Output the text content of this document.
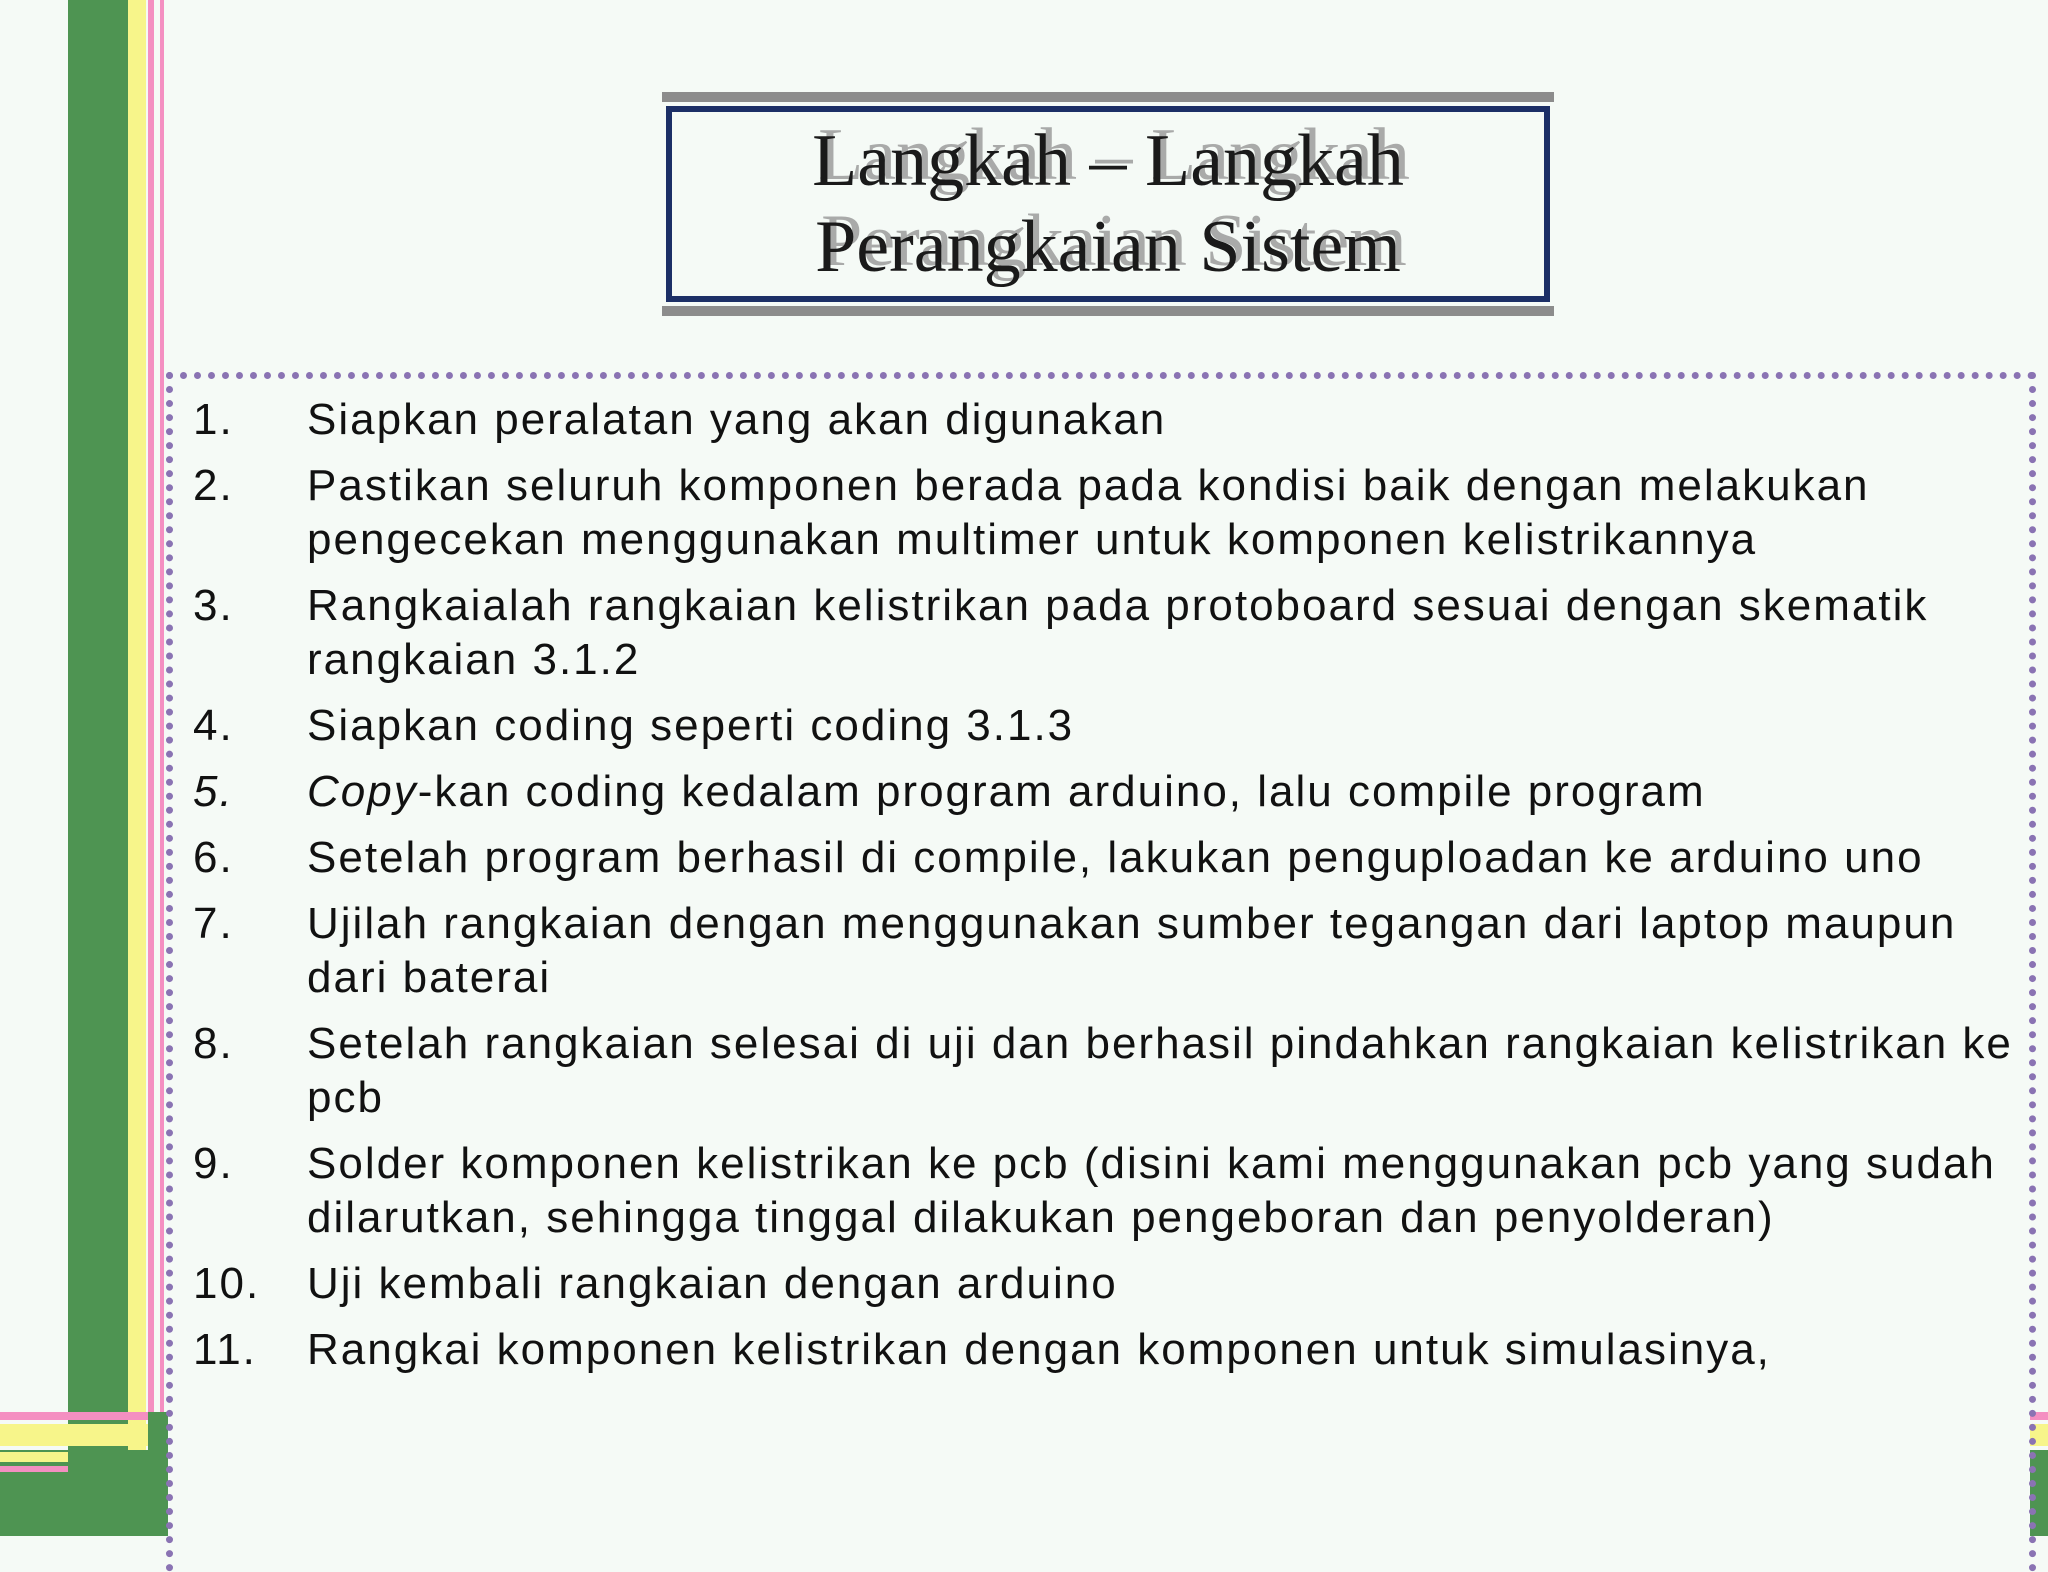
Langkah – Langkah
Perangkaian Sistem
1.	Siapkan peralatan yang akan digunakan
2.	Pastikan seluruh komponen berada pada kondisi baik dengan melakukan pengecekan menggunakan multimer untuk komponen kelistrikannya
3.	Rangkaialah rangkaian kelistrikan pada protoboard sesuai dengan skematik rangkaian 3.1.2
4.	Siapkan coding seperti coding 3.1.3
5.	Copy-kan coding kedalam program arduino, lalu compile program
6.	Setelah program berhasil di compile, lakukan penguploadan ke arduino uno
7.	Ujilah rangkaian dengan menggunakan sumber tegangan dari laptop maupun dari baterai
8.	Setelah rangkaian selesai di uji dan berhasil pindahkan rangkaian kelistrikan ke pcb
9.	Solder komponen kelistrikan ke pcb (disini kami menggunakan pcb yang sudah dilarutkan, sehingga tinggal dilakukan pengeboran dan penyolderan)
10.	Uji kembali rangkaian dengan arduino
11.	Rangkai komponen kelistrikan dengan komponen untuk simulasinya,
